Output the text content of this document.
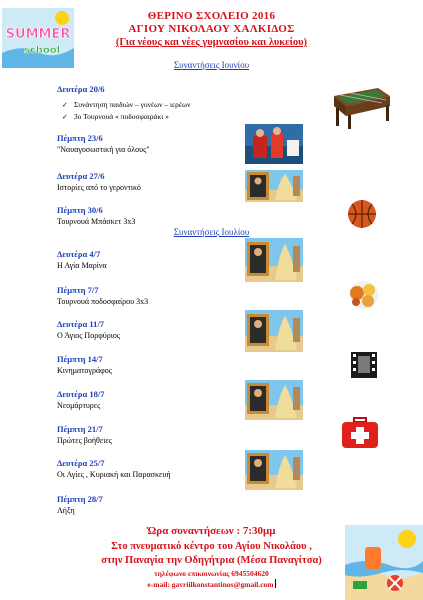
SUMMER
school
ΘΕΡΙΝΟ ΣΧΟΛΕΙΟ 2016
ΑΓΙΟΥ ΝΙΚΟΛΑΟΥ ΧΑΛΚΙΔΟΣ
(Για νέους και νέες γυμνασίου και λυκείου)
Συναντήσεις Ιουνίου
Δευτέρα 20/6
✓ Συνάντηση παιδιών – γονέων – ιερέων
✓ 3ο Τουρνουά « ποδοσφαιράκι »
Πέμπτη 23/6
"Ναυαγοσωστική για όλους"
Δευτέρα 27/6
Ιστορίες από το γεροντικό
Πέμπτη 30/6
Τουρνουά Μπάσκετ 3x3
Συναντήσεις Ιουλίου
Δευτέρα 4/7
Η Αγία Μαρίνα
Πέμπτη 7/7
Τουρνουά ποδοσφαίρου 3x3
Δευτέρα 11/7
Ο Άγιος Πορφύριος
Πέμπτη 14/7
Κινηματογράφος
Δευτέρα 18/7
Νεομάρτυρες
Πέμπτη 21/7
Πρώτες βοήθειες
Δευτέρα 25/7
Οι Αγίες , Κυριακή και Παρασκευή
Πέμπτη 28/7
Λήξη
Ώρα συναντήσεων : 7:30μμ
Στο πνευματικό κέντρο του Αγίου Νικολάου ,
στην Παναγία την Οδηγήτρια (Μέσα Παναγίτσα)
τηλέφωνο επικοινωνίας 6945504620
e-mail: gavriilkonstantinos@gmail.com
